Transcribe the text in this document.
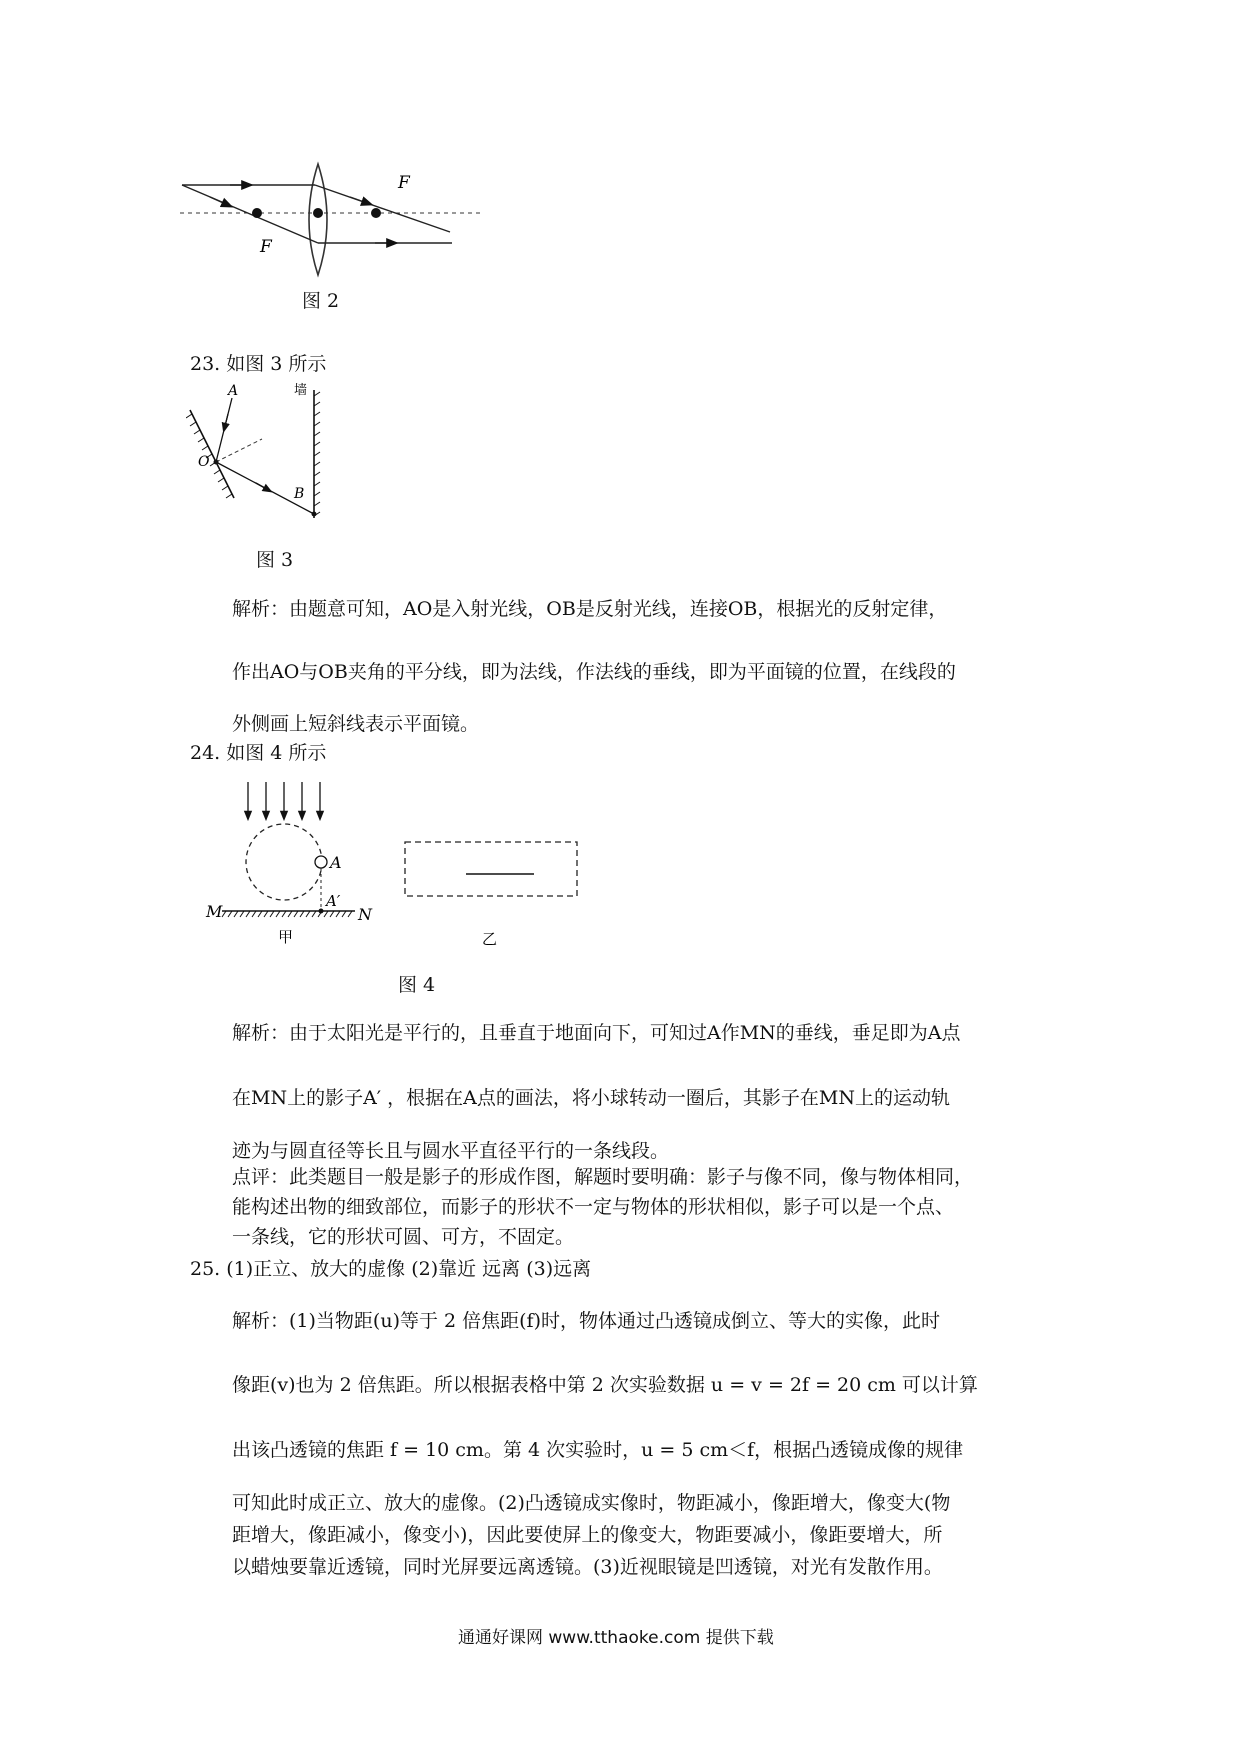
F
F
图 2
23. 如图 3 所示
A
O
B
墙
图 3
解析：由题意可知，AO是入射光线，OB是反射光线，连接OB，根据光的反射定律，
作出AO与OB夹角的平分线，即为法线，作法线的垂线，即为平面镜的位置，在线段的
外侧画上短斜线表示平面镜。
24. 如图 4 所示
A
A′
M	N
甲	乙
图 4
解析：由于太阳光是平行的，且垂直于地面向下，可知过A作MN的垂线，垂足即为A点
在MN上的影子A′ ，根据在A点的画法，将小球转动一圈后，其影子在MN上的运动轨
迹为与圆直径等长且与圆水平直径平行的一条线段。
点评：此类题目一般是影子的形成作图，解题时要明确：影子与像不同，像与物体相同，
能构述出物的细致部位，而影子的形状不一定与物体的形状相似，影子可以是一个点、
一条线，它的形状可圆、可方，不固定。
25. (1)正立、放大的虚像 (2)靠近 远离 (3)远离
解析：(1)当物距(u)等于 2 倍焦距(f)时，物体通过凸透镜成倒立、等大的实像，此时
像距(v)也为 2 倍焦距。所以根据表格中第 2 次实验数据 u = v = 2f = 20 cm 可以计算
出该凸透镜的焦距 f = 10 cm。第 4 次实验时，u = 5 cm＜f，根据凸透镜成像的规律
可知此时成正立、放大的虚像。(2)凸透镜成实像时，物距减小，像距增大，像变大(物
距增大，像距减小，像变小)，因此要使屏上的像变大，物距要减小，像距要增大，所
以蜡烛要靠近透镜，同时光屏要远离透镜。(3)近视眼镜是凹透镜，对光有发散作用。
通通好课网 www.tthaoke.com 提供下载
